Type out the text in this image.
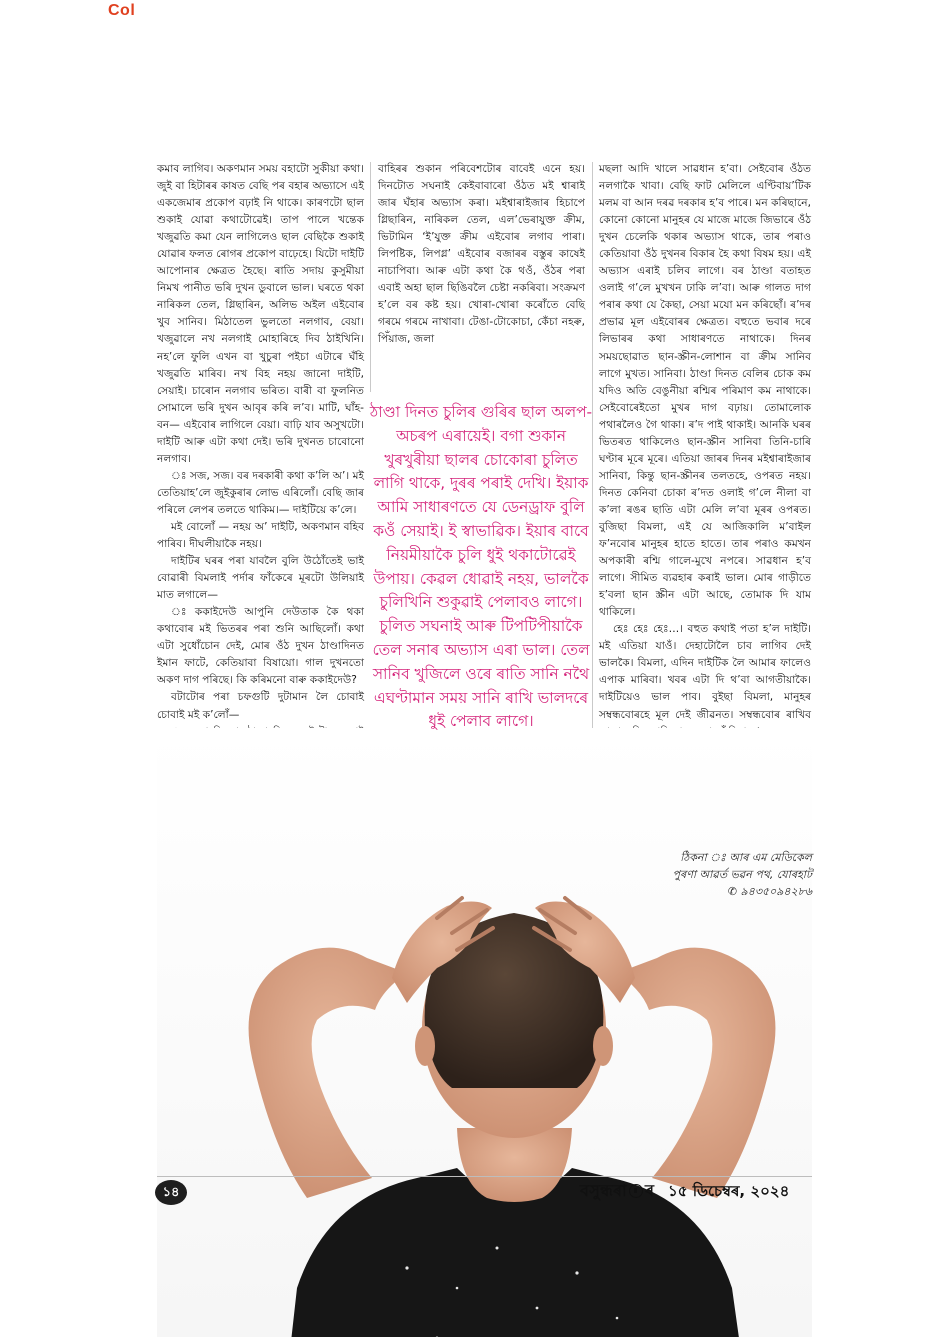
Col

কমাব লাগিব। অকণমান সময় বহাটো সুকীয়া কথা। জুই বা হিটাৰৰ কাষত বেছি পৰ বহাৰ অভ্যাসে এই একজেমাৰ প্ৰকোপ বঢ়াই নি থাকে। কাৰণটো ছাল শুকাই যোৱা কথাটোৱেই। তাপ পালে খন্তেক খজুৱতি কমা যেন লাগিলেও ছাল বেছিকৈ শুকাই যোৱাৰ ফলত ৰোগৰ প্ৰকোপ বাঢ়েহে। যিটো দাইটি আপোনাৰ ক্ষেত্ৰত হৈছে। ৰাতি সদায় কুসুমীয়া নিমখ পানীত ভৰি দুখন ডুবালে ভাল। ঘৰতে থকা নাৰিকল তেল, গ্লিছাৰিন, অলিভ অইল এইবোৰ খুব সানিব। মিঠাতেল ভুলতো নলগাব, বেয়া। খজুৱালে নখ নলগাই মোহাৰিহে দিব ঠাইখিনি। নহ’লে ফুলি এখন বা খুচুৰা পইচা এটাৰে ঘঁহি খজুৱতি মাৰিব। নখ বিহ নহয় জানো দাইটি, সেয়াই। চাৰোন নলগাব ভৰিত। বাৰী বা ফুলনিত সোমালে ভৰি দুখন আবৃৰ কৰি ল’ব। মাটি, ঘাঁহ-বন— এইবোৰ লাগিলে বেয়া। বাঢ়ি যাব অসুখটো। দাইটি আৰু এটা কথা দেই। ভৰি দুখনত চাবোনো নলগাব।

ঃ সজ, সজ। বৰ দৰকাৰী কথা ক’লি অ’। মই তেতিয়াহ’লে জুইকুৰাৰ লোভ এৰিলোঁ। বেছি জাৰ পৰিলে লেপৰ তলতে থাকিম।— দাইটিয়ে ক’লে।

মই বোলোঁ — নহয় অ’ দাইটি, অকণমান বহিব পাৰিব। দীঘলীয়াকৈ নহয়।

দাইটিৰ ঘৰৰ পৰা যাবলৈ বুলি উঠোঁতেই ভাই বোৱাৰী বিমলাই পৰ্দাৰ ফাঁকেৰে মূৰটো উলিয়াই মাত লগালে—

ঃ ককাইদেউ আপুনি দেউতাক কৈ থকা কথাবোৰ মই ভিতৰৰ পৰা শুনি আছিলোঁ। কথা এটা সুধোঁচোন দেই, মোৰ ওঁঠ দুখন ঠাণ্ডাদিনত ইমান ফাটে, কেতিয়াবা বিষায়ো। গাল দুখনতো অকণ দাগ পৰিছে। কি কৰিমনো বাৰু ককাইদেউ?

বটাটোৰ পৰা চফগুটি দুটামান লৈ চোবাই চোবাই মই ক’লোঁ—

বাহিৰৰ শুকান পৰিবেশটোৰ বাবেই এনে হয়। দিনটোত সঘনাই কেইবাবাৰো ওঁঠত মই শ্বাৰাই জাৰ ঘঁহাৰ অভ্যাস কৰা। মইশ্বাৰাইজাৰ হিচাপে গ্লিছাৰিন, নাৰিকল তেল, এল’ভেৰাযুক্ত ক্ৰীম, ভিটামিন ‘ই’যুক্ত ক্ৰীম এইবোৰ লগাব পাৰা। লিপষ্টিক, লিপগ্ল’ এইবোৰ বজাৰৰ বস্তুৰ কাষেই নাচাপিবা। আৰু এটা কথা কৈ থওঁ, ওঁঠৰ পৰা এবাই অহা ছাল ছিঙিবলৈ চেষ্টা নকৰিবা। সংক্ৰমণ হ’লে বৰ কষ্ট হয়। খোৰা-খোৰা কৰোঁতে বেছি গৰমে গৰমে নাখাবা। টেঙা-টোকোচা, কেঁচা নহৰু, পিঁয়াজ, জলা

মছলা আদি খালে সাৱধান হ’বা। সেইবোৰ ওঁঠত নলগাকৈ খাবা। বেছি ফাট মেলিলে এণ্টিবায়’টিক মলম বা আন দৰৱ দৰকাৰ হ’ব পাৰে। মন কৰিছানে, কোনো কোনো মানুহৰ যে মাজে মাজে জিভাৰে ওঁঠ দুখন চেলেকি থকাৰ অভ্যাস থাকে, তাৰ পৰাও কেতিয়াবা ওঁঠ দুখনৰ বিকাৰ হৈ কথা বিষম হয়। এই অভ্যাস এৰাই চলিব লাগে। বৰ ঠাণ্ডা বতাহত ওলাই গ’লে মুখখন ঢাকি ল’বা। আৰু গালত দাগ পৰাৰ কথা যে কৈছা, সেয়া মযো মন কৰিছোঁ। ৰ’দৰ প্ৰভাৱ মূল এইবোৰৰ ক্ষেত্ৰত। বহুতে ভবাৰ দৰে লিভাৰৰ কথা সাধাৰণতে নাথাকে। দিনৰ সময়ছোৱাত ছান-স্ক্ৰীন-লোশান বা ক্ৰীম সানিব লাগে মুখত। সানিবা। ঠাণ্ডা দিনত বেলিৰ চোক কম যদিও অতি বেঙুনীয়া ৰশ্মিৰ পৰিমাণ কম নাথাকে। সেইবোৰেইতো মুখৰ দাগ বঢ়ায়। তোমালোক পথাৰলৈও গৈ থাকা। ৰ’দ পাই থাকাই। আনকি ঘৰৰ ভিতৰত থাকিলেও ছান-স্ক্ৰীন সানিবা তিনি-চাৰি ঘণ্টাৰ মূৰে মূৰে। এতিয়া জাৰৰ দিনৰ মইশ্বাৰাইজাৰ সানিবা, কিন্তু ছান-স্ক্ৰীনৰ তলতহে, ওপৰত নহয়। দিনত কেনিবা চোকা ৰ’দত ওলাই গ’লে নীলা বা ক’লা ৰঙৰ ছাতি এটা মেলি ল’বা মূৰৰ ওপৰত। বুজিছা বিমলা, এই যে আজিকালি ম’বাইল ফ’নবোৰ মানুহৰ হাতে হাতে। তাৰ পৰাও কমখন অপকাৰী ৰশ্মি গালে-মুখে নপৰে। সাৱধান হ’ব লাগে। সীমিত ব্যৱহাৰ কৰাই ভাল। মোৰ গাড়ীতে হ’বলা ছান স্ক্ৰীন এটা আছে, তোমাক দি যাম থাকিলে।

হেঃ হেঃ হেঃ…। বহুত কথাই পতা হ’ল দাইটি। মই এতিয়া যাওঁ। দেহাটোলৈ চাব লাগিব দেই ভালকৈ। বিমলা, এদিন দাইটিক লৈ আমাৰ ফালেও এপাক মাৰিবা। খবৰ এটা দি থ’বা আগতীয়াকৈ। দাইটিয়েও ভাল পাব। বুইছা বিমলা, মানুহৰ সম্বন্ধবোৰহে মূল দেই জীৱনত। সম্বন্ধবোৰ ৰাখিব

ঠাণ্ডা দিনত চুলিৰ গুৰিৰ ছাল অলপ-অচৰপ এৰায়েই। বগা শুকান খুৰখুৰীয়া ছালৰ চোকোৰা চুলিত লাগি থাকে, দুৰৰ পৰাই দেখি। ইয়াক আমি সাধাৰণতে যে ডেনড্ৰাফ বুলি কওঁ সেয়াই। ই স্বাভাৱিক। ইয়াৰ বাবে নিয়মীয়াকৈ চুলি ধুই থকাটোৱেই উপায়। কেৱল ধোৱাই নহয়, ভালকৈ চুলিখিনি শুকুৱাই পেলাবও লাগে। চুলিত সঘনাই আৰু টিপটিপীয়াকৈ তেল সনাৰ অভ্যাস এৰা ভাল। তেল সানিব খুজিলে ওৰে ৰাতি সানি নথৈ এঘণ্টামান সময় সানি ৰাখি ভালদৰে ধুই পেলাব লাগে।

ঠিকনা ঃ আৰ এম মেডিকেল

পুৰণা আৱৰ্ত ভৱন পথ, যোৰহাট

✆ ৯৪৩৫০৯৪২৮৬

১৪	বসুন্ধৰা ৰ ১৫ ডিচেম্বৰ, ২০২৪
